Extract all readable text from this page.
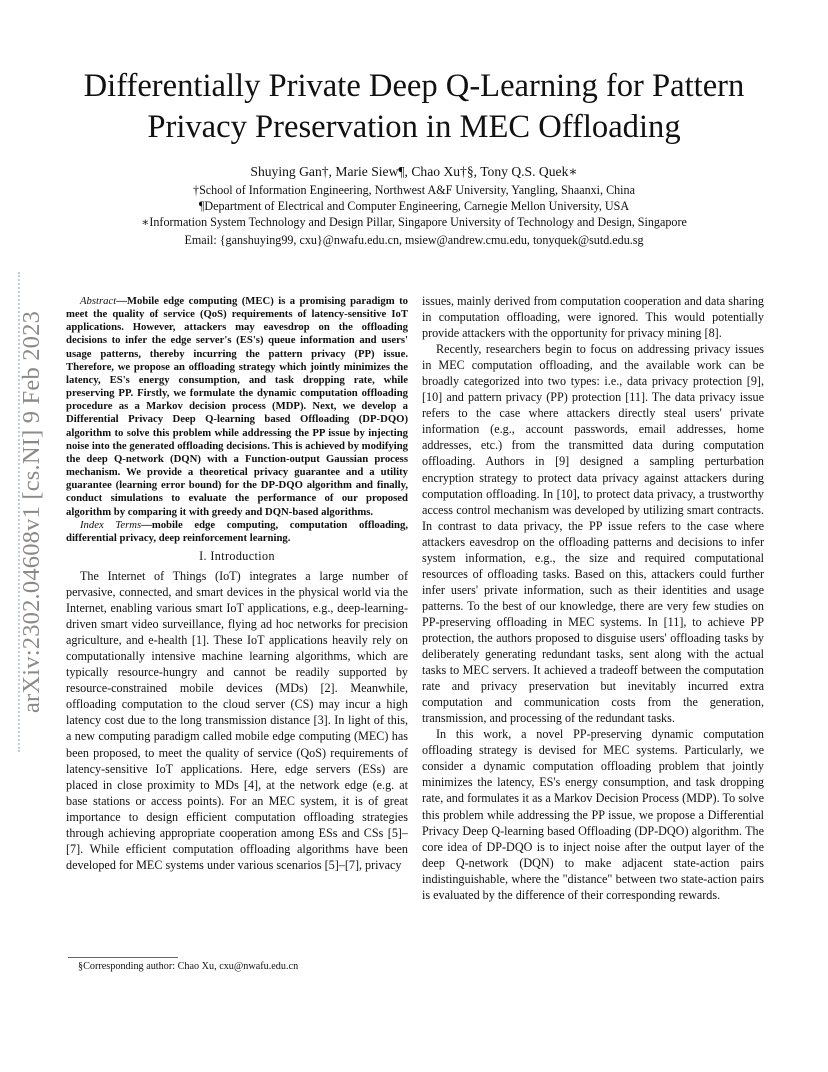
arXiv:2302.04608v1 [cs.NI] 9 Feb 2023
Differentially Private Deep Q-Learning for Pattern
Privacy Preservation in MEC Offloading
Shuying Gan†, Marie Siew¶, Chao Xu†§, Tony Q.S. Quek∗
†School of Information Engineering, Northwest A&F University, Yangling, Shaanxi, China
¶Department of Electrical and Computer Engineering, Carnegie Mellon University, USA
∗Information System Technology and Design Pillar, Singapore University of Technology and Design, Singapore
Email: {ganshuying99, cxu}@nwafu.edu.cn, msiew@andrew.cmu.edu, tonyquek@sutd.edu.sg

Abstract—Mobile edge computing (MEC) is a promising paradigm to meet the quality of service (QoS) requirements of latency-sensitive IoT applications. However, attackers may eavesdrop on the offloading decisions to infer the edge server's (ES's) queue information and users' usage patterns, thereby incurring the pattern privacy (PP) issue. Therefore, we propose an offloading strategy which jointly minimizes the latency, ES's energy consumption, and task dropping rate, while preserving PP. Firstly, we formulate the dynamic computation offloading procedure as a Markov decision process (MDP). Next, we develop a Differential Privacy Deep Q-learning based Offloading (DP-DQO) algorithm to solve this problem while addressing the PP issue by injecting noise into the generated offloading decisions. This is achieved by modifying the deep Q-network (DQN) with a Function-output Gaussian process mechanism. We provide a theoretical privacy guarantee and a utility guarantee (learning error bound) for the DP-DQO algorithm and finally, conduct simulations to evaluate the performance of our proposed algorithm by comparing it with greedy and DQN-based algorithms.

Index Terms—mobile edge computing, computation offloading, differential privacy, deep reinforcement learning.

I. Introduction

The Internet of Things (IoT) integrates a large number of pervasive, connected, and smart devices in the physical world via the Internet, enabling various smart IoT applications, e.g., deep-learning-driven smart video surveillance, flying ad hoc networks for precision agriculture, and e-health [1]. These IoT applications heavily rely on computationally intensive machine learning algorithms, which are typically resource-hungry and cannot be readily supported by resource-constrained mobile devices (MDs) [2]. Meanwhile, offloading computation to the cloud server (CS) may incur a high latency cost due to the long transmission distance [3]. In light of this, a new computing paradigm called mobile edge computing (MEC) has been proposed, to meet the quality of service (QoS) requirements of latency-sensitive IoT applications. Here, edge servers (ESs) are placed in close proximity to MDs [4], at the network edge (e.g. at base stations or access points). For an MEC system, it is of great importance to design efficient computation offloading strategies through achieving appropriate cooperation among ESs and CSs [5]–[7]. While efficient computation offloading algorithms have been developed for MEC systems under various scenarios [5]–[7], privacy

§Corresponding author: Chao Xu, cxu@nwafu.edu.cn

issues, mainly derived from computation cooperation and data sharing in computation offloading, were ignored. This would potentially provide attackers with the opportunity for privacy mining [8].

Recently, researchers begin to focus on addressing privacy issues in MEC computation offloading, and the available work can be broadly categorized into two types: i.e., data privacy protection [9], [10] and pattern privacy (PP) protection [11]. The data privacy issue refers to the case where attackers directly steal users' private information (e.g., account passwords, email addresses, home addresses, etc.) from the transmitted data during computation offloading. Authors in [9] designed a sampling perturbation encryption strategy to protect data privacy against attackers during computation offloading. In [10], to protect data privacy, a trustworthy access control mechanism was developed by utilizing smart contracts. In contrast to data privacy, the PP issue refers to the case where attackers eavesdrop on the offloading patterns and decisions to infer system information, e.g., the size and required computational resources of offloading tasks. Based on this, attackers could further infer users' private information, such as their identities and usage patterns. To the best of our knowledge, there are very few studies on PP-preserving offloading in MEC systems. In [11], to achieve PP protection, the authors proposed to disguise users' offloading tasks by deliberately generating redundant tasks, sent along with the actual tasks to MEC servers. It achieved a tradeoff between the computation rate and privacy preservation but inevitably incurred extra computation and communication costs from the generation, transmission, and processing of the redundant tasks.

In this work, a novel PP-preserving dynamic computation offloading strategy is devised for MEC systems. Particularly, we consider a dynamic computation offloading problem that jointly minimizes the latency, ES's energy consumption, and task dropping rate, and formulates it as a Markov Decision Process (MDP). To solve this problem while addressing the PP issue, we propose a Differential Privacy Deep Q-learning based Offloading (DP-DQO) algorithm. The core idea of DP-DQO is to inject noise after the output layer of the deep Q-network (DQN) to make adjacent state-action pairs indistinguishable, where the "distance" between two state-action pairs is evaluated by the difference of their corresponding rewards.
